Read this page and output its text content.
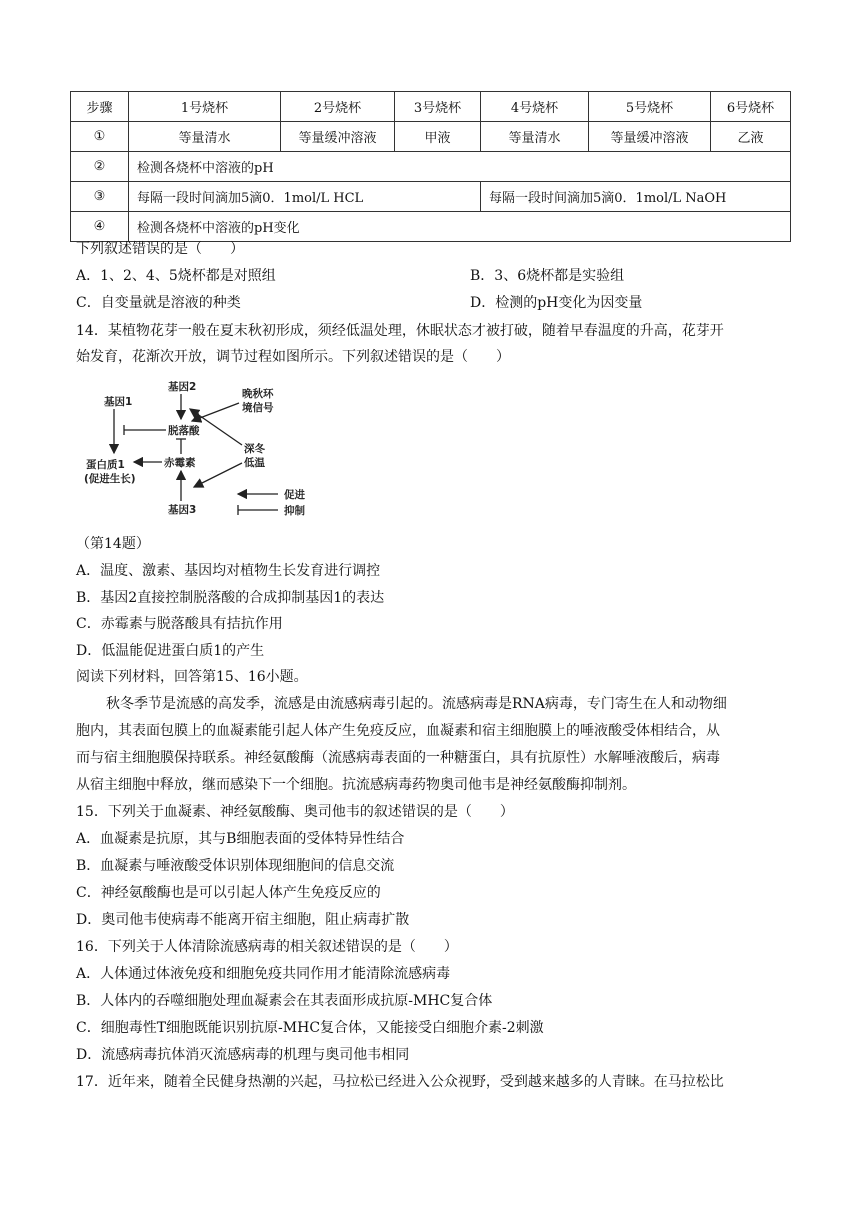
步骤	1号烧杯	2号烧杯	3号烧杯	4号烧杯	5号烧杯	6号烧杯
①	等量清水	等量缓冲溶液	甲液	等量清水	等量缓冲溶液	乙液
②	检测各烧杯中溶液的pH					
③	每隔一段时间滴加5滴0．1mol/L HCL			每隔一段时间滴加5滴0．1mol/L NaOH		
④	检测各烧杯中溶液的pH变化					
下列叙述错误的是（　　）
A．1、2、4、5烧杯都是对照组	B．3、6烧杯都是实验组
C．自变量就是溶液的种类	D．检测的pH变化为因变量
14．某植物花芽一般在夏末秋初形成，须经低温处理，休眠状态才被打破，随着早春温度的升高，花芽开
始发育，花渐次开放，调节过程如图所示。下列叙述错误的是（　　）
基因2
基因1
晚秋环
境信号
脱落酸
深冬
低温
赤霉素
蛋白质1
(促进生长)
基因3
促进
抑制
（第14题）
A．温度、激素、基因均对植物生长发育进行调控
B．基因2直接控制脱落酸的合成抑制基因1的表达
C．赤霉素与脱落酸具有拮抗作用
D．低温能促进蛋白质1的产生
阅读下列材料，回答第15、16小题。
秋冬季节是流感的高发季，流感是由流感病毒引起的。流感病毒是RNA病毒，专门寄生在人和动物细
胞内，其表面包膜上的血凝素能引起人体产生免疫反应，血凝素和宿主细胞膜上的唾液酸受体相结合，从
而与宿主细胞膜保持联系。神经氨酸酶（流感病毒表面的一种糖蛋白，具有抗原性）水解唾液酸后，病毒
从宿主细胞中释放，继而感染下一个细胞。抗流感病毒药物奥司他韦是神经氨酸酶抑制剂。
15．下列关于血凝素、神经氨酸酶、奥司他韦的叙述错误的是（　　）
A．血凝素是抗原，其与B细胞表面的受体特异性结合
B．血凝素与唾液酸受体识别体现细胞间的信息交流
C．神经氨酸酶也是可以引起人体产生免疫反应的
D．奥司他韦使病毒不能离开宿主细胞，阻止病毒扩散
16．下列关于人体清除流感病毒的相关叙述错误的是（　　）
A．人体通过体液免疫和细胞免疫共同作用才能清除流感病毒
B．人体内的吞噬细胞处理血凝素会在其表面形成抗原-MHC复合体
C．细胞毒性T细胞既能识别抗原-MHC复合体，又能接受白细胞介素-2刺激
D．流感病毒抗体消灭流感病毒的机理与奥司他韦相同
17．近年来，随着全民健身热潮的兴起，马拉松已经进入公众视野，受到越来越多的人青睐。在马拉松比
